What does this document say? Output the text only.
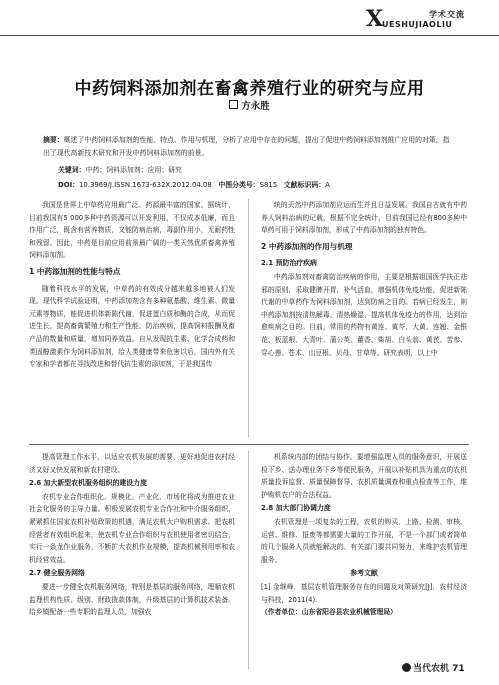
X	学术交流
UESHUJIAOLIU
中药饲料添加剂在畜禽养殖行业的研究与应用
方永胜
摘要：概述了中药饲料添加剂的性能、特点、作用与机理，分析了应用中存在的问题，提出了促进中药饲料添加剂推广应用的对策，指出了现代高新技术研究和开发中药饲料添加剂的前景。
关键词：中药；饲料添加剂；应用；研究
DOI：10.3969/J.ISSN.1673-632X.2012.04.08 中图分类号：S815 文献标识码：A

我国是世界上中草药应用最广泛、药源最丰富的国家。据统计，目前我国有5 000多种中药资源可以开发利用，不仅成本低廉，而且作用广泛，既含有营养物质，又能防病治病，毒副作用小，无耐药性和残留。因此，中药是目前应用前景最广阔的一类天然优质畜禽养殖饲料添加剂。

1 中药添加剂的性能与特点

随着科技水平的发展，中草药的有效成分越来越多地被人们发现。现代科学试验证明，中药添加剂含有多种氨基酸、维生素、微量元素等物质，能促进机体新陈代谢，促进蛋白质和酶的合成，从而促进生长，提高畜禽繁殖力和生产性能，防治疾病，提高饲料报酬及畜产品的数量和质量，增加同养效益。自从发现抗生素、化学合成药和类固醇激素作为饲料添加剂，给人类健康带来危害以后，国内外有关专家和学者都在寻找改进和替代抗生素的添加剂，于是我国传

统的天然中药添加剂应运而生并且日益发展。我国自古就有中药养人饲料治病的记载，根据不完全统计，目前我国已经有800多种中草药可用于饲料添加剂，形成了中药添加剂的独有特色。

2 中药添加剂的作用与机理

2.1 预防治疗疾病

中药添加剂对畜禽防治疾病的作用，主要是根据祖国医学扶正祛邪的原则，采取健脾开胃，补气活血，增强机体免疫功能，促进新陈代谢的中草药作为饲料添加剂，达到防病之目的。若病已经发生，则中药添加剂按清热解毒、清热燥湿、提高机体免疫力的作用，达到治愈疾病之目的。目前，常用的药物有黄连、黄芩、大黄、连翘、金银花、板蓝根、大青叶、蒲公英、藿香、柴胡、白头翁、黄芪、苦参、穿心莲、苍术、山豆根、贝母、甘草等。研究表明，以上中

提高管理工作水平，以适应农机发展的需要，更好地促进农村经济又好又快发展和新农村建设。

2.6 加大新型农机服务组织的建设力度

农机专业合作组织化、规模化、产业化、市场化将成为推进农业社会化服务的主导力量。积极发展农机专业合作社和中介服务组织，紧紧抓住国家农机补贴政策的机遇，满足农机大户购机需求。把农机经营者有效组织起来，使农机专业合作组织与农机使用者密切结合，实行一条龙作业服务，不断扩大农机作业规模，提高机械利用率和农机经营效益。

2.7 健全服务网络

要进一步健全农机服务网络，特别是基层的服务网络，理顺农机监理机构性质、级别、财政拨款体制，升级基层的计算机技术装备。给乡镇配备一些专职的监理人员，加强农

机系统内部的团结与协作。要增强监理人员的服务意识，开展送检下乡、送办理业务下乡等便民服务，开展以补贴机具为重点的农机质量投诉监督、质量保障督导、农机质量调查和重点检查等工作，维护购机农户的合法权益。

2.8 加大部门协调力度

农机管理是一项复杂的工程，农机的购买、上路、检测、审核、运营、维修、报废等都需要大量的工作开展，不是一个部门或者简单的几个服务人员就能解决的。有关部门要共同努力，来维护农机管理服务。

参考文献

[1] 金继峰．基层农机管理服务存在的问题及对策研究[J]．农村经济与科技，2011(4).

（作者单位：山东省阳谷县农业机械管理局）

当代农机 71
